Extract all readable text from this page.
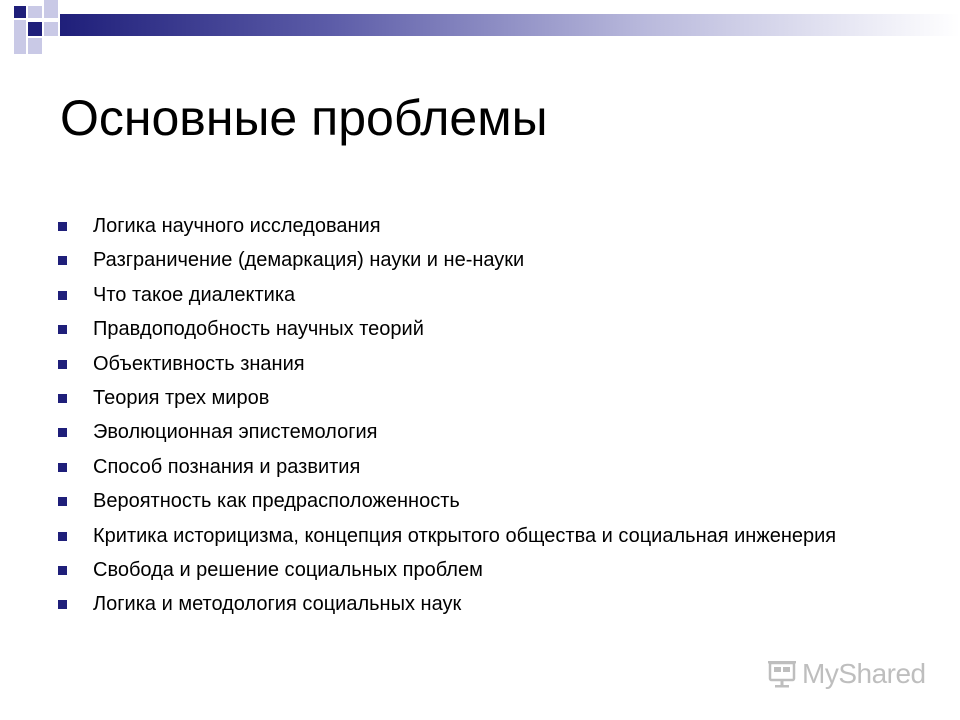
Основные проблемы
Логика научного исследования
Разграничение (демаркация) науки и не-науки
Что такое диалектика
Правдоподобность научных теорий
Объективность знания
Теория трех миров
Эволюционная эпистемология
Способ познания и развития
Вероятность как предрасположенность
Критика историцизма, концепция открытого общества и социальная инженерия
Свобода и решение социальных проблем
Логика и методология социальных наук
MyShared
